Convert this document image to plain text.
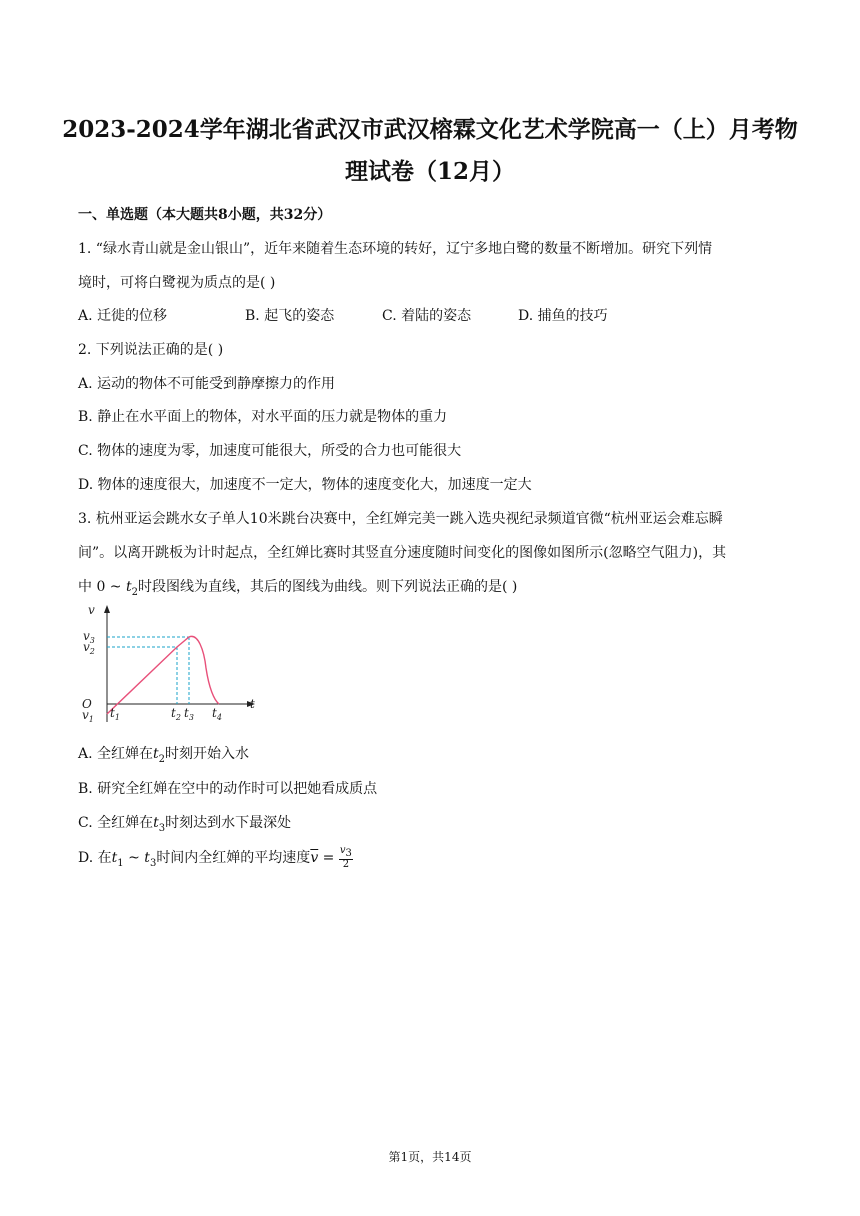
2023-2024学年湖北省武汉市武汉榕霖文化艺术学院高一（上）月考物
理试卷（12月）
一、单选题（本大题共8小题，共32分）
1. “绿水青山就是金山银山”，近年来随着生态环境的转好，辽宁多地白鹭的数量不断增加。研究下列情
境时，可将白鹭视为质点的是( )
A. 迁徙的位移	B. 起飞的姿态	C. 着陆的姿态	D. 捕鱼的技巧
2. 下列说法正确的是( )
A. 运动的物体不可能受到静摩擦力的作用
B. 静止在水平面上的物体，对水平面的压力就是物体的重力
C. 物体的速度为零，加速度可能很大，所受的合力也可能很大
D. 物体的速度很大，加速度不一定大，物体的速度变化大，加速度一定大
3. 杭州亚运会跳水女子单人10米跳台决赛中，全红婵完美一跳入选央视纪录频道官微“杭州亚运会难忘瞬
间”。以离开跳板为计时起点，全红婵比赛时其竖直分速度随时间变化的图像如图所示(忽略空气阻力)，其
中 0 ~ $t_2$时段图线为直线，其后的图线为曲线。则下列说法正确的是( )
v
t
O
$v_3$
$v_2$
$v_1$ $t_1$	$t_2$ $t_3$ $t_4$
A. 全红婵在$t_2$时刻开始入水
B. 研究全红婵在空中的动作时可以把她看成质点
C. 全红婵在$t_3$时刻达到水下最深处
D. 在$t_1$ ~ $t_3$时间内全红婵的平均速度$\overline{v} = \frac{v_3}{2}$
第1页，共14页
